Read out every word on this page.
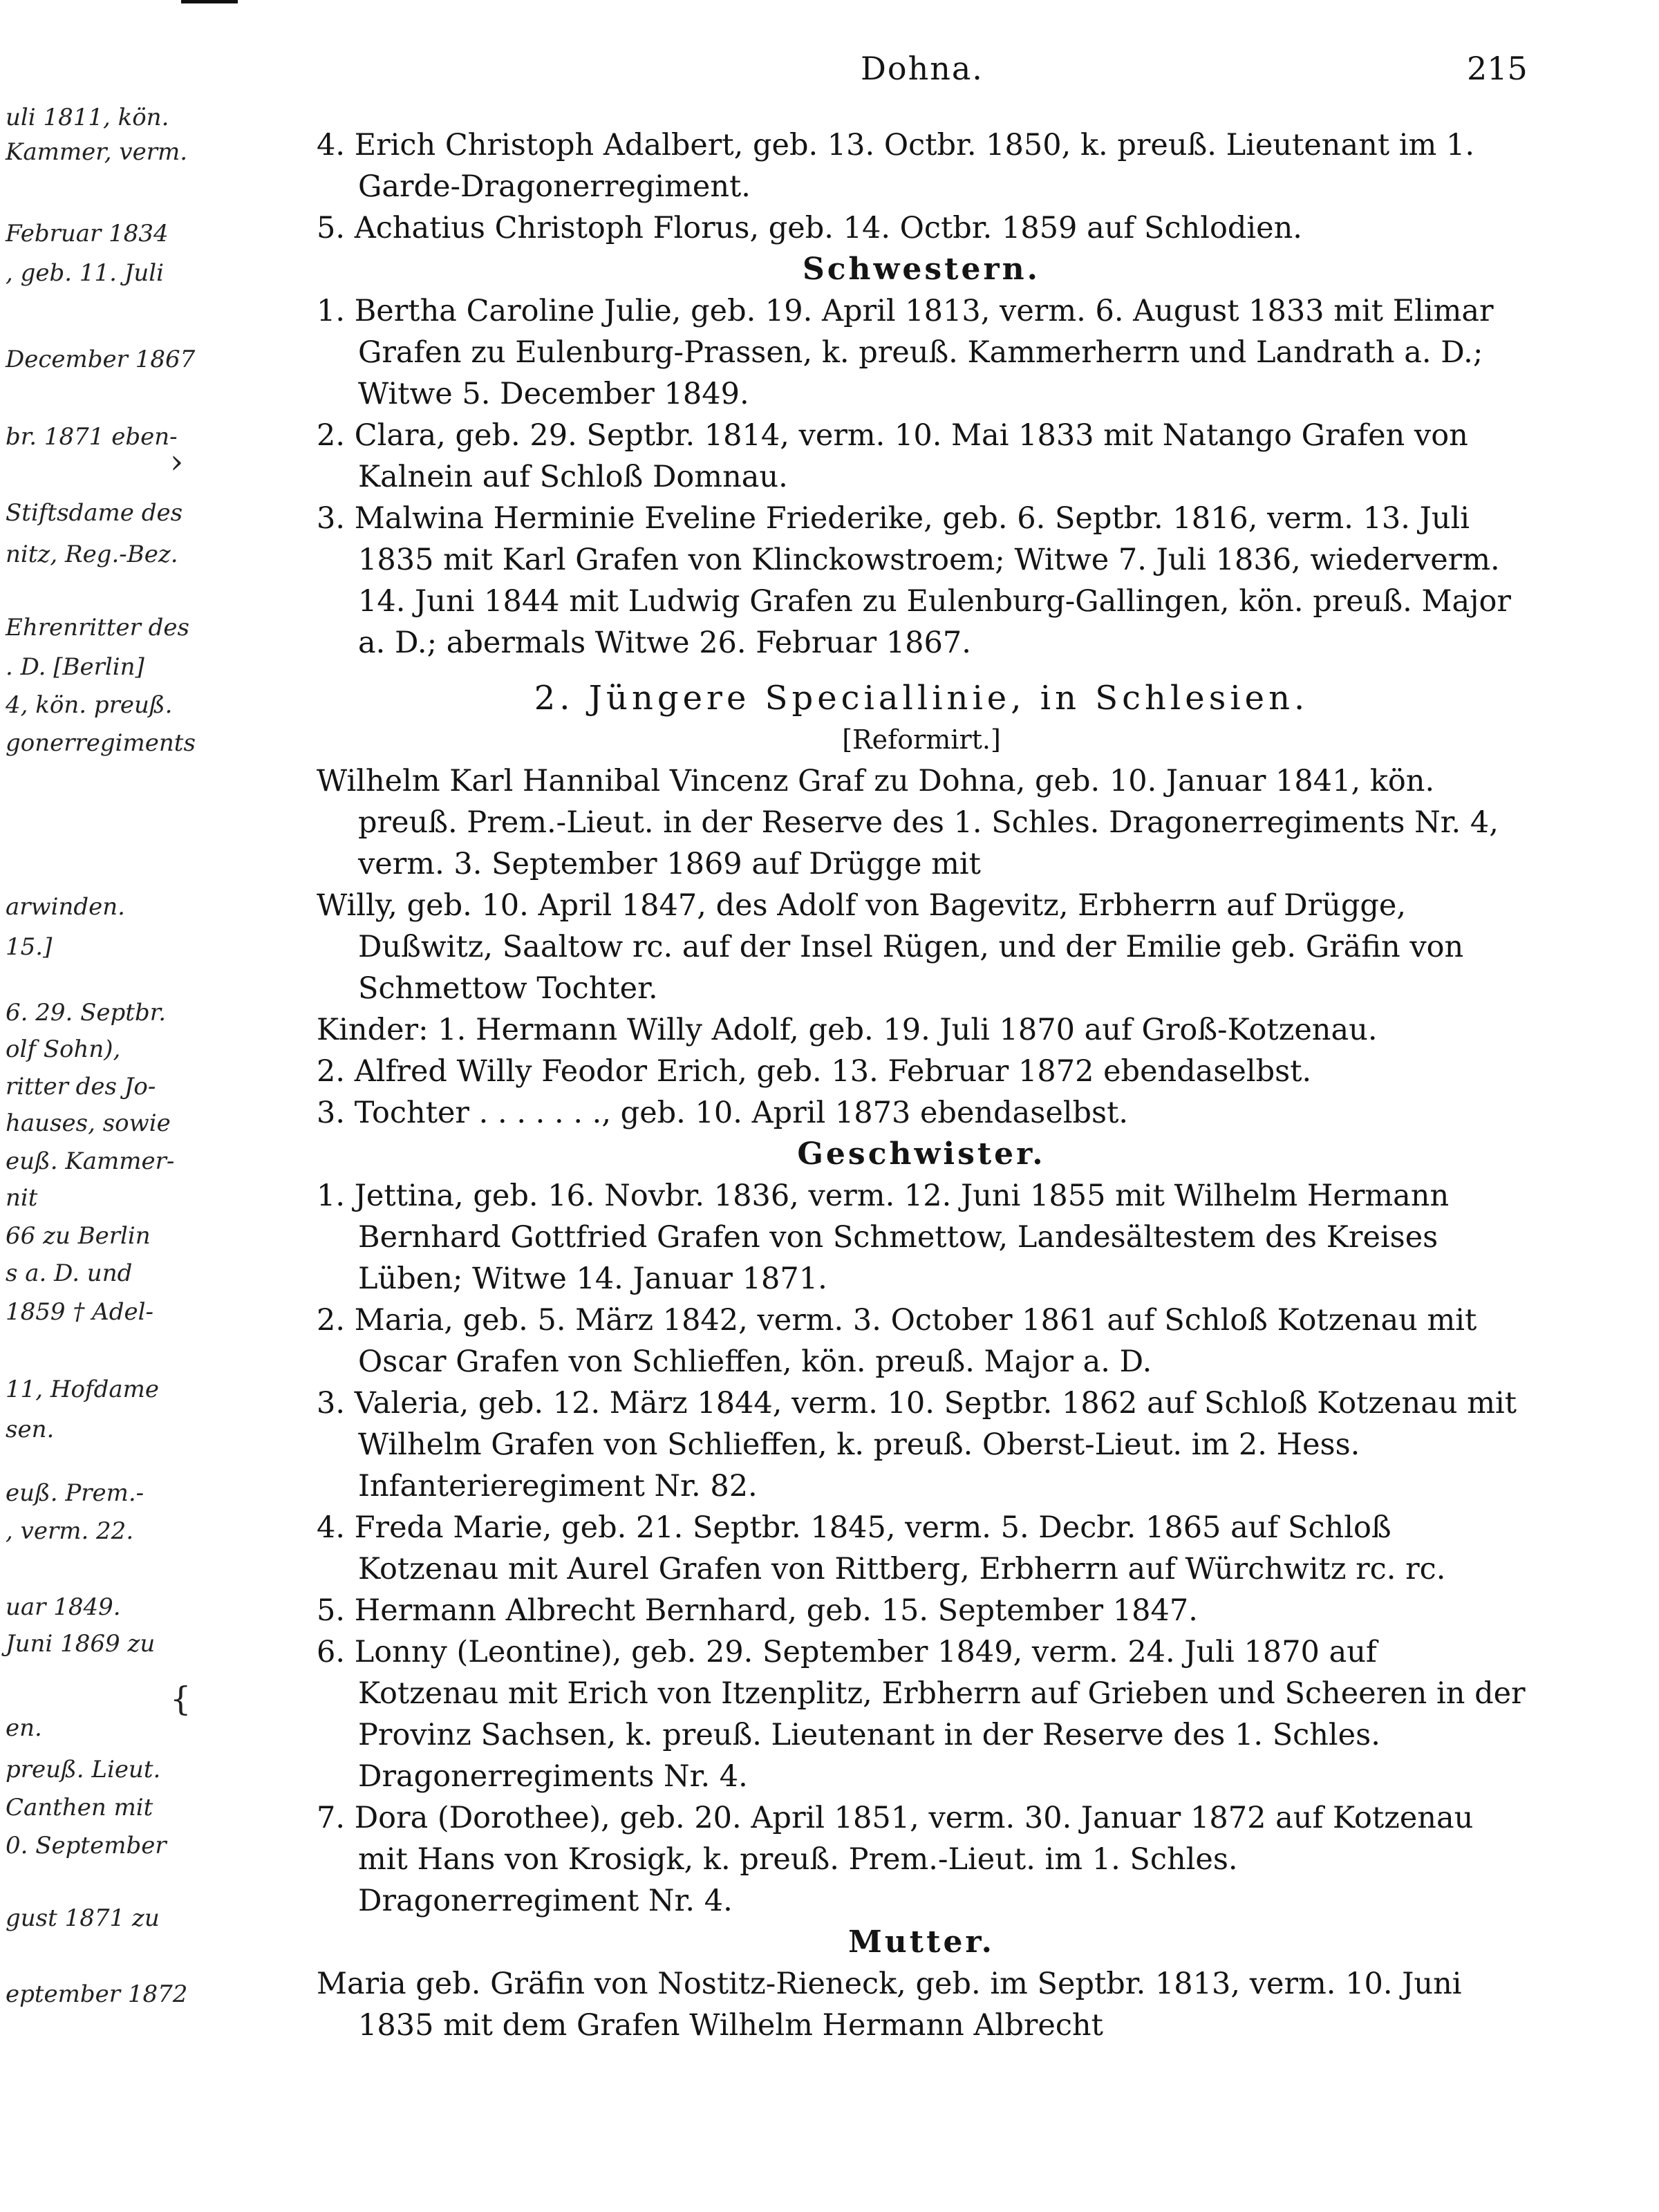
uli 1811, kön.
Kammer, verm.
Februar 1834
, geb. 11. Juli
December 1867
br. 1871 eben-
Stiftsdame des
nitz, Reg.-Bez.
Ehrenritter des
. D. [Berlin]
4, kön. preuß.
gonerregiments
arwinden.
15.]
6. 29. Septbr.
olf Sohn),
ritter des Jo-
hauses, sowie
euß. Kammer-
nit
66 zu Berlin
s a. D. und
1859 † Adel-
11, Hofdame
sen.
euß. Prem.-
, verm. 22.
uar 1849.
Juni 1869 zu
en.
preuß. Lieut.
Canthen mit
0. September
gust 1871 zu
eptember 1872
›
{
Dohna.	215

4. Erich Christoph Adalbert, geb. 13. Octbr. 1850, k. preuß. Lieutenant im 1. Garde-Dragonerregiment.

5. Achatius Christoph Florus, geb. 14. Octbr. 1859 auf Schlodien.

Schwestern.

1. Bertha Caroline Julie, geb. 19. April 1813, verm. 6. August 1833 mit Elimar Grafen zu Eulenburg-Prassen, k. preuß. Kammerherrn und Landrath a. D.; Witwe 5. December 1849.

2. Clara, geb. 29. Septbr. 1814, verm. 10. Mai 1833 mit Natango Grafen von Kalnein auf Schloß Domnau.

3. Malwina Herminie Eveline Friederike, geb. 6. Septbr. 1816, verm. 13. Juli 1835 mit Karl Grafen von Klinckowstroem; Witwe 7. Juli 1836, wiederverm. 14. Juni 1844 mit Ludwig Grafen zu Eulenburg-Gallingen, kön. preuß. Major a. D.; abermals Witwe 26. Februar 1867.

2. Jüngere Speciallinie, in Schlesien.

[Reformirt.]

Wilhelm Karl Hannibal Vincenz Graf zu Dohna, geb. 10. Januar 1841, kön. preuß. Prem.-Lieut. in der Reserve des 1. Schles. Dragonerregiments Nr. 4, verm. 3. September 1869 auf Drügge mit

Willy, geb. 10. April 1847, des Adolf von Bagevitz, Erbherrn auf Drügge, Dußwitz, Saaltow rc. auf der Insel Rügen, und der Emilie geb. Gräfin von Schmettow Tochter.

Kinder: 1. Hermann Willy Adolf, geb. 19. Juli 1870 auf Groß-Kotzenau.

2. Alfred Willy Feodor Erich, geb. 13. Februar 1872 ebendaselbst.

3. Tochter . . . . . . ., geb. 10. April 1873 ebendaselbst.

Geschwister.

1. Jettina, geb. 16. Novbr. 1836, verm. 12. Juni 1855 mit Wilhelm Hermann Bernhard Gottfried Grafen von Schmettow, Landesältestem des Kreises Lüben; Witwe 14. Januar 1871.

2. Maria, geb. 5. März 1842, verm. 3. October 1861 auf Schloß Kotzenau mit Oscar Grafen von Schlieffen, kön. preuß. Major a. D.

3. Valeria, geb. 12. März 1844, verm. 10. Septbr. 1862 auf Schloß Kotzenau mit Wilhelm Grafen von Schlieffen, k. preuß. Oberst-Lieut. im 2. Hess. Infanterieregiment Nr. 82.

4. Freda Marie, geb. 21. Septbr. 1845, verm. 5. Decbr. 1865 auf Schloß Kotzenau mit Aurel Grafen von Rittberg, Erbherrn auf Würchwitz rc. rc.

5. Hermann Albrecht Bernhard, geb. 15. September 1847.

6. Lonny (Leontine), geb. 29. September 1849, verm. 24. Juli 1870 auf Kotzenau mit Erich von Itzenplitz, Erbherrn auf Grieben und Scheeren in der Provinz Sachsen, k. preuß. Lieutenant in der Reserve des 1. Schles. Dragonerregiments Nr. 4.

7. Dora (Dorothee), geb. 20. April 1851, verm. 30. Januar 1872 auf Kotzenau mit Hans von Krosigk, k. preuß. Prem.-Lieut. im 1. Schles. Dragonerregiment Nr. 4.

Mutter.

Maria geb. Gräfin von Nostitz-Rieneck, geb. im Septbr. 1813, verm. 10. Juni 1835 mit dem Grafen Wilhelm Hermann Albrecht
